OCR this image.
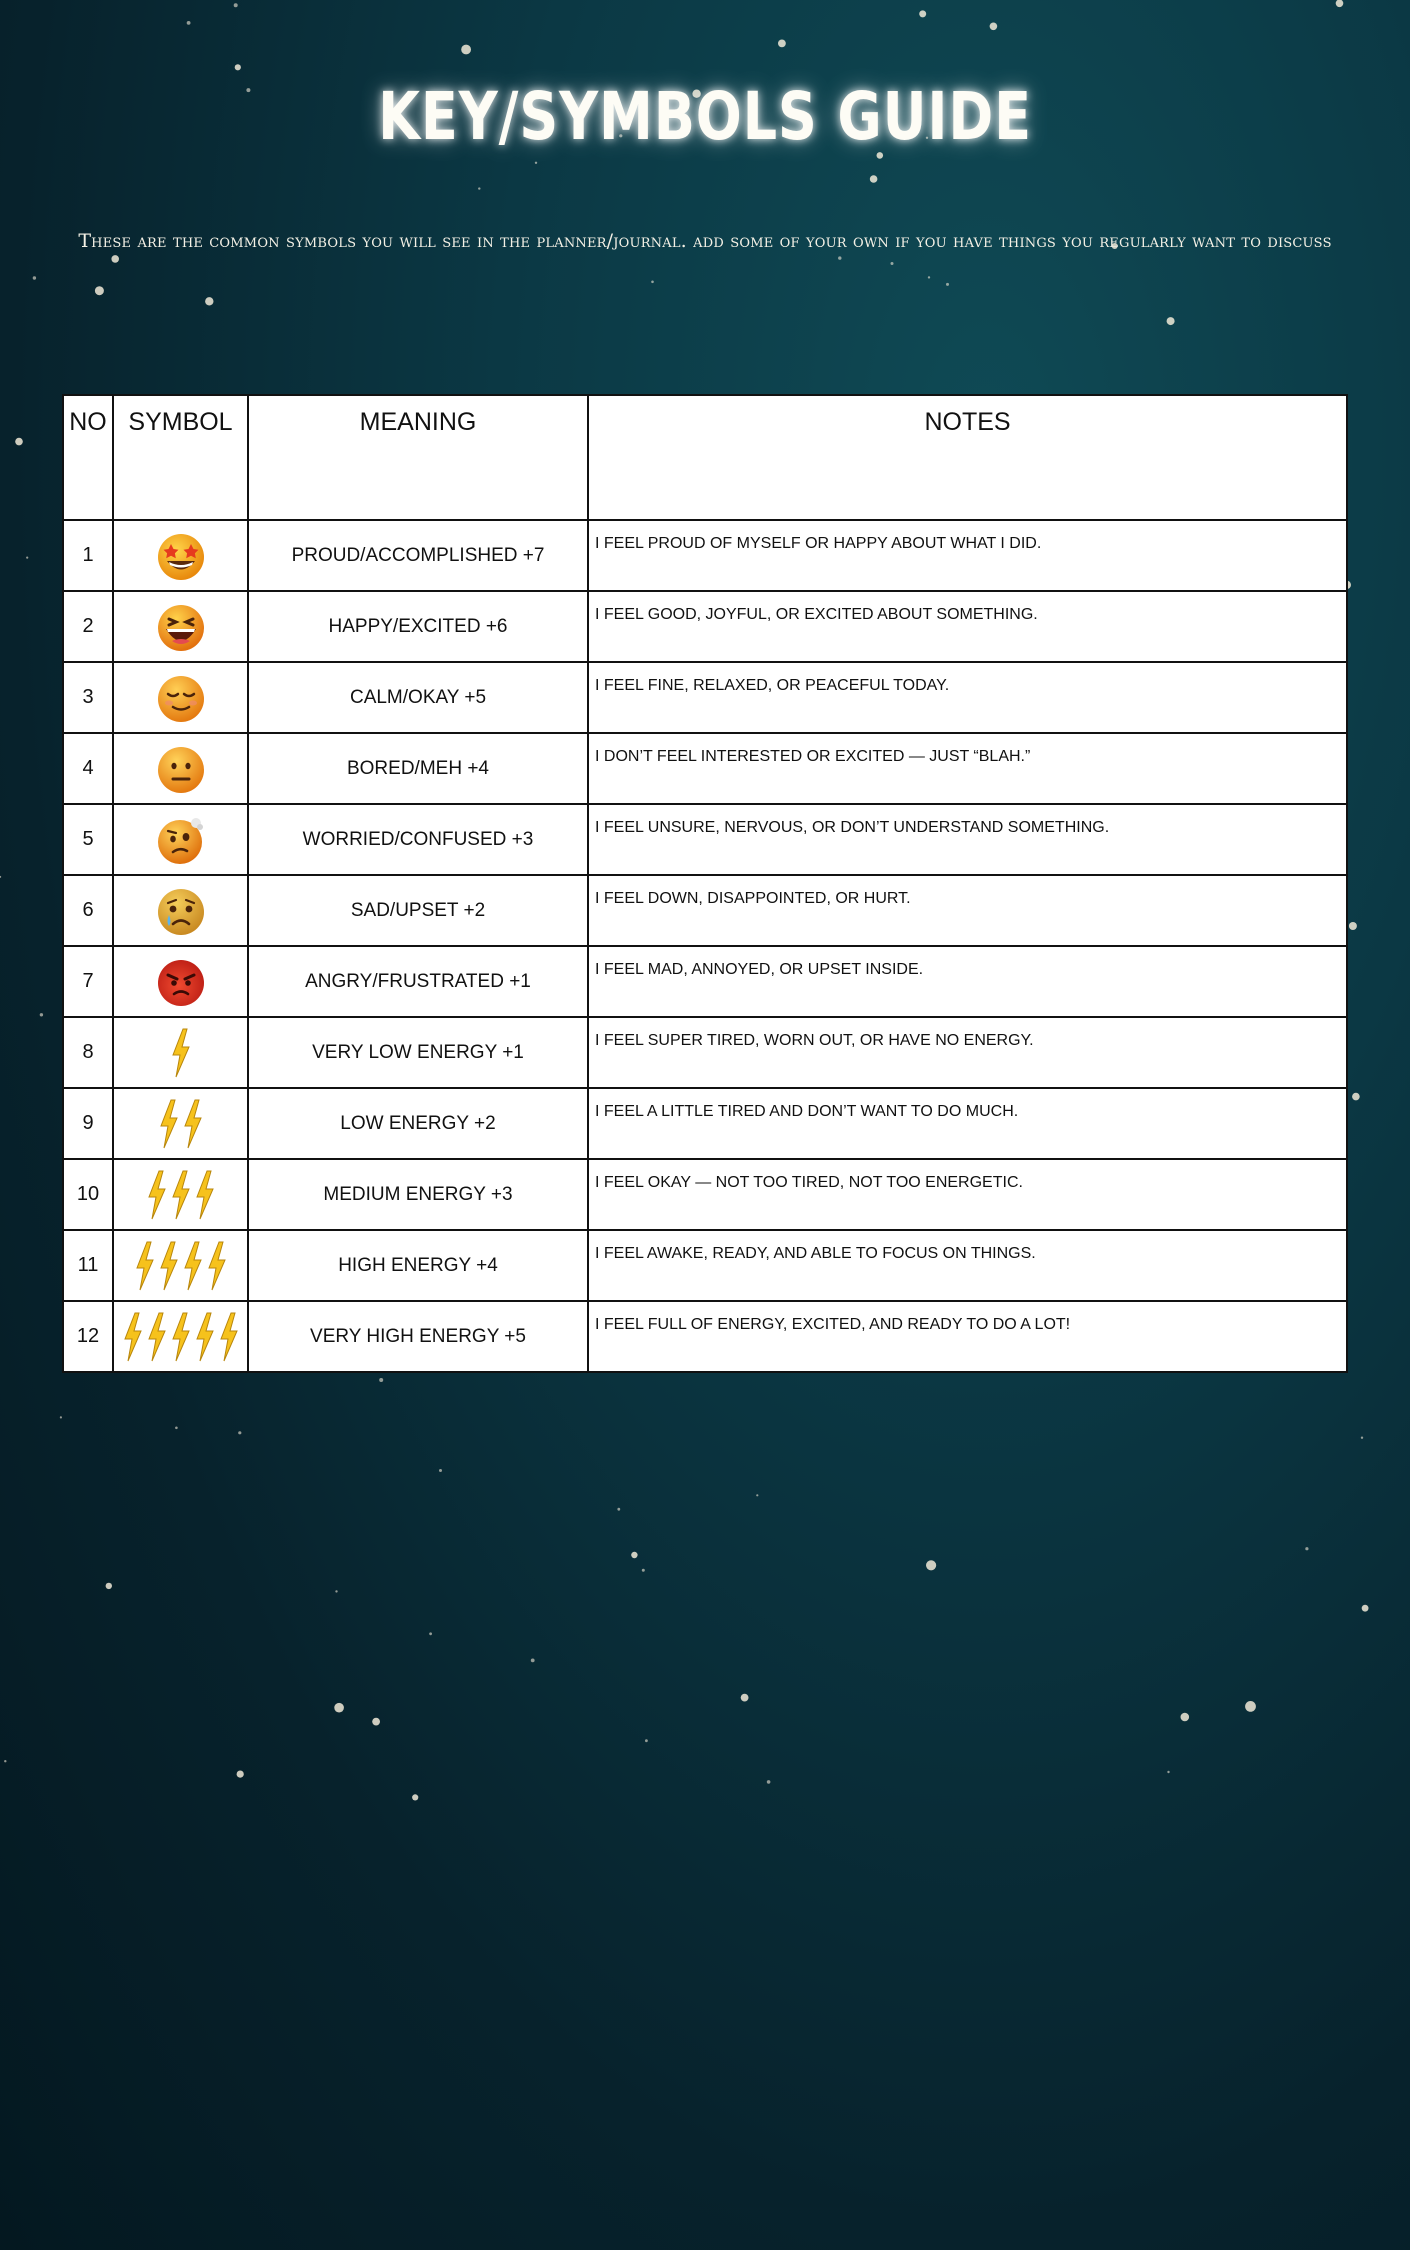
KEY/SYMBOLS GUIDE
These are the common symbols you will see in the planner/journal. add some of your own if you have things you regularly want to discuss
NO	SYMBOL	MEANING	NOTES
1		PROUD/ACCOMPLISHED +7	I FEEL PROUD OF MYSELF OR HAPPY ABOUT WHAT I DID.
2		HAPPY/EXCITED +6	I FEEL GOOD, JOYFUL, OR EXCITED ABOUT SOMETHING.
3		CALM/OKAY +5	I FEEL FINE, RELAXED, OR PEACEFUL TODAY.
4		BORED/MEH +4	I DON’T FEEL INTERESTED OR EXCITED — JUST “BLAH.”
5		WORRIED/CONFUSED +3	I FEEL UNSURE, NERVOUS, OR DON’T UNDERSTAND SOMETHING.
6		SAD/UPSET +2	I FEEL DOWN, DISAPPOINTED, OR HURT.
7		ANGRY/FRUSTRATED +1	I FEEL MAD, ANNOYED, OR UPSET INSIDE.
8		VERY LOW ENERGY +1	I FEEL SUPER TIRED, WORN OUT, OR HAVE NO ENERGY.
9		LOW ENERGY +2	I FEEL A LITTLE TIRED AND DON’T WANT TO DO MUCH.
10		MEDIUM ENERGY +3	I FEEL OKAY — NOT TOO TIRED, NOT TOO ENERGETIC.
11		HIGH ENERGY +4	I FEEL AWAKE, READY, AND ABLE TO FOCUS ON THINGS.
12		VERY HIGH ENERGY +5	I FEEL FULL OF ENERGY, EXCITED, AND READY TO DO A LOT!
